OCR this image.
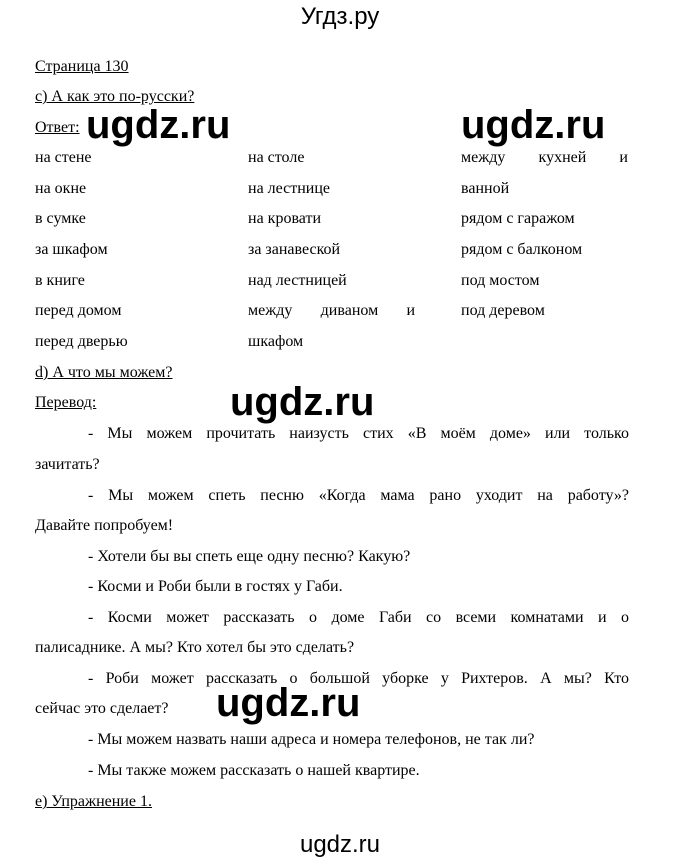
Угдз.ру
Страница 130
c) А как это по-русски?
Ответ:
на стене
на окне
в сумке
за шкафом
в книге
перед домом
перед дверью
на столе
на лестнице
на кровати
за занавеской
над лестницей
между диваном и
шкафом
между кухней и
ванной
рядом с гаражом
рядом с балконом
под мостом
под деревом
d) А что мы можем?
Перевод:
- Мы можем прочитать наизусть стих «В моём доме» или только
зачитать?
- Мы можем спеть песню «Когда мама рано уходит на работу»?
Давайте попробуем!
- Хотели бы вы спеть еще одну песню? Какую?
- Косми и Роби были в гостях у Габи.
- Косми может рассказать о доме Габи со всеми комнатами и о
палисаднике. А мы? Кто хотел бы это сделать?
- Роби может рассказать о большой уборке у Рихтеров. А мы? Кто
сейчас это сделает?
- Мы можем назвать наши адреса и номера телефонов, не так ли?
- Мы также можем рассказать о нашей квартире.
e) Упражнение 1.
ugdz.ru	ugdz.ru
ugdz.ru
ugdz.ru
ugdz.ru
